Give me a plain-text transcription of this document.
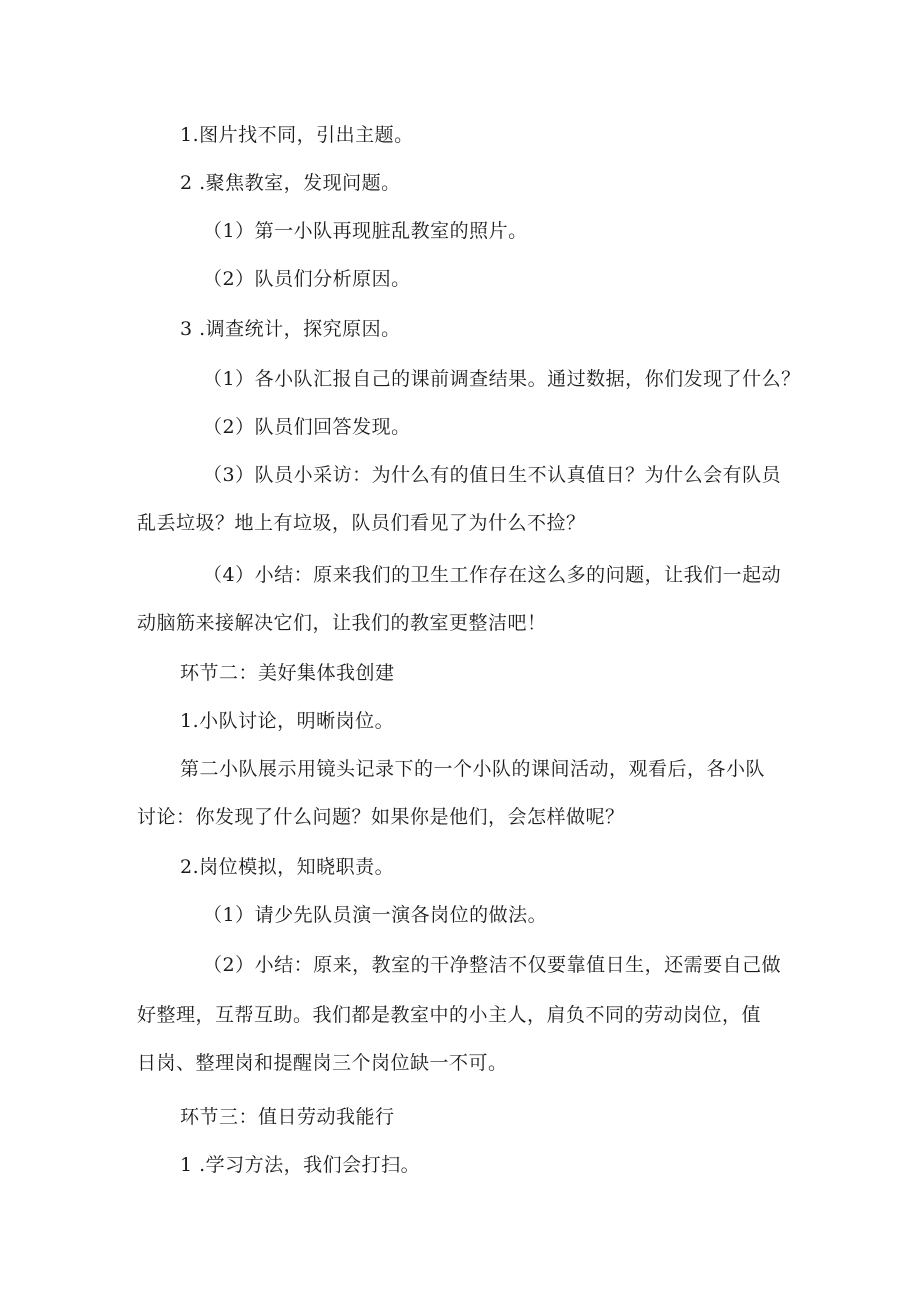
1.图片找不同，引出主题。
2 .聚焦教室，发现问题。
（1）第一小队再现脏乱教室的照片。
（2）队员们分析原因。
3 .调查统计，探究原因。
（1）各小队汇报自己的课前调查结果。通过数据，你们发现了什么？
（2）队员们回答发现。
（3）队员小采访：为什么有的值日生不认真值日？为什么会有队员
乱丢垃圾？地上有垃圾，队员们看见了为什么不捡？
（4）小结：原来我们的卫生工作存在这么多的问题，让我们一起动
动脑筋来接解决它们，让我们的教室更整洁吧！
环节二：美好集体我创建
1.小队讨论，明晰岗位。
第二小队展示用镜头记录下的一个小队的课间活动，观看后，各小队
讨论：你发现了什么问题？如果你是他们，会怎样做呢？
2.岗位模拟，知晓职责。
（1）请少先队员演一演各岗位的做法。
（2）小结：原来，教室的干净整洁不仅要靠值日生，还需要自己做
好整理，互帮互助。我们都是教室中的小主人，肩负不同的劳动岗位，值
日岗、整理岗和提醒岗三个岗位缺一不可。
环节三：值日劳动我能行
1 .学习方法，我们会打扫。
